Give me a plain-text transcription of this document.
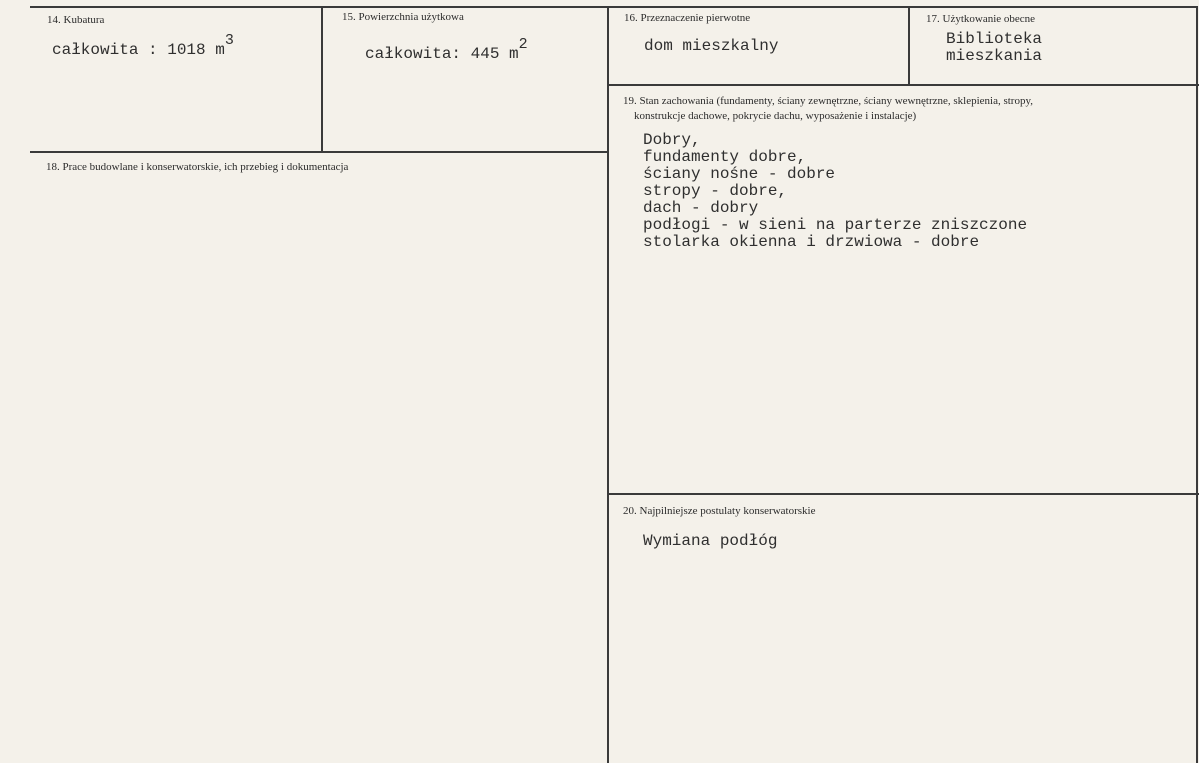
14. Kubatura
całkowita : 1018 m3
15. Powierzchnia użytkowa
całkowita: 445 m2
16. Przeznaczenie pierwotne
dom mieszkalny
17. Użytkowanie obecne
Biblioteka
mieszkania
18. Prace budowlane i konserwatorskie, ich przebieg i dokumentacja
19. Stan zachowania (fundamenty, ściany zewnętrzne, ściany wewnętrzne, sklepienia, stropy,
konstrukcje dachowe, pokrycie dachu, wyposażenie i instalacje)
Dobry,
fundamenty dobre,
ściany nośne - dobre
stropy - dobre,
dach - dobry
podłogi - w sieni na parterze zniszczone
stolarka okienna i drzwiowa - dobre
20. Najpilniejsze postulaty konserwatorskie
Wymiana podłóg
